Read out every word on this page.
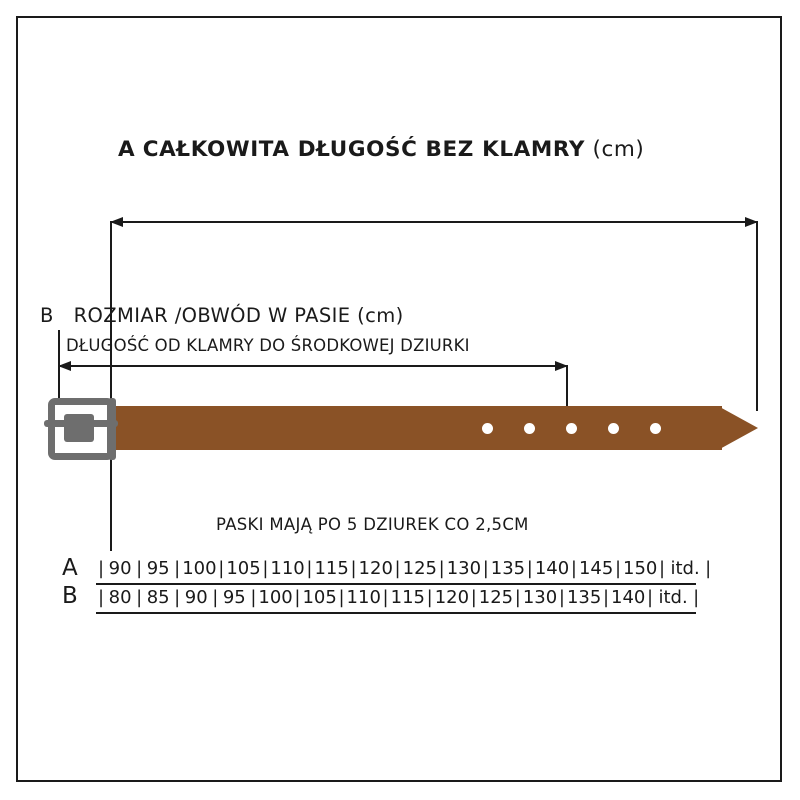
A CAŁKOWITA DŁUGOŚĆ BEZ KLAMRY (cm)
B ROZMIAR /OBWÓD W PASIE (cm)
DŁUGOŚĆ OD KLAMRY DO ŚRODKOWEJ DZIURKI
PASKI MAJĄ PO 5 DZIUREK CO 2,5CM
A | 90 | 95 | 100| 105| 110| 115| 120| 125| 130| 135| 140| 145| 150| itd. |
B | 80 | 85 | 90 | 95 | 100| 105| 110| 115| 120| 125| 130| 135| 140| itd. |
